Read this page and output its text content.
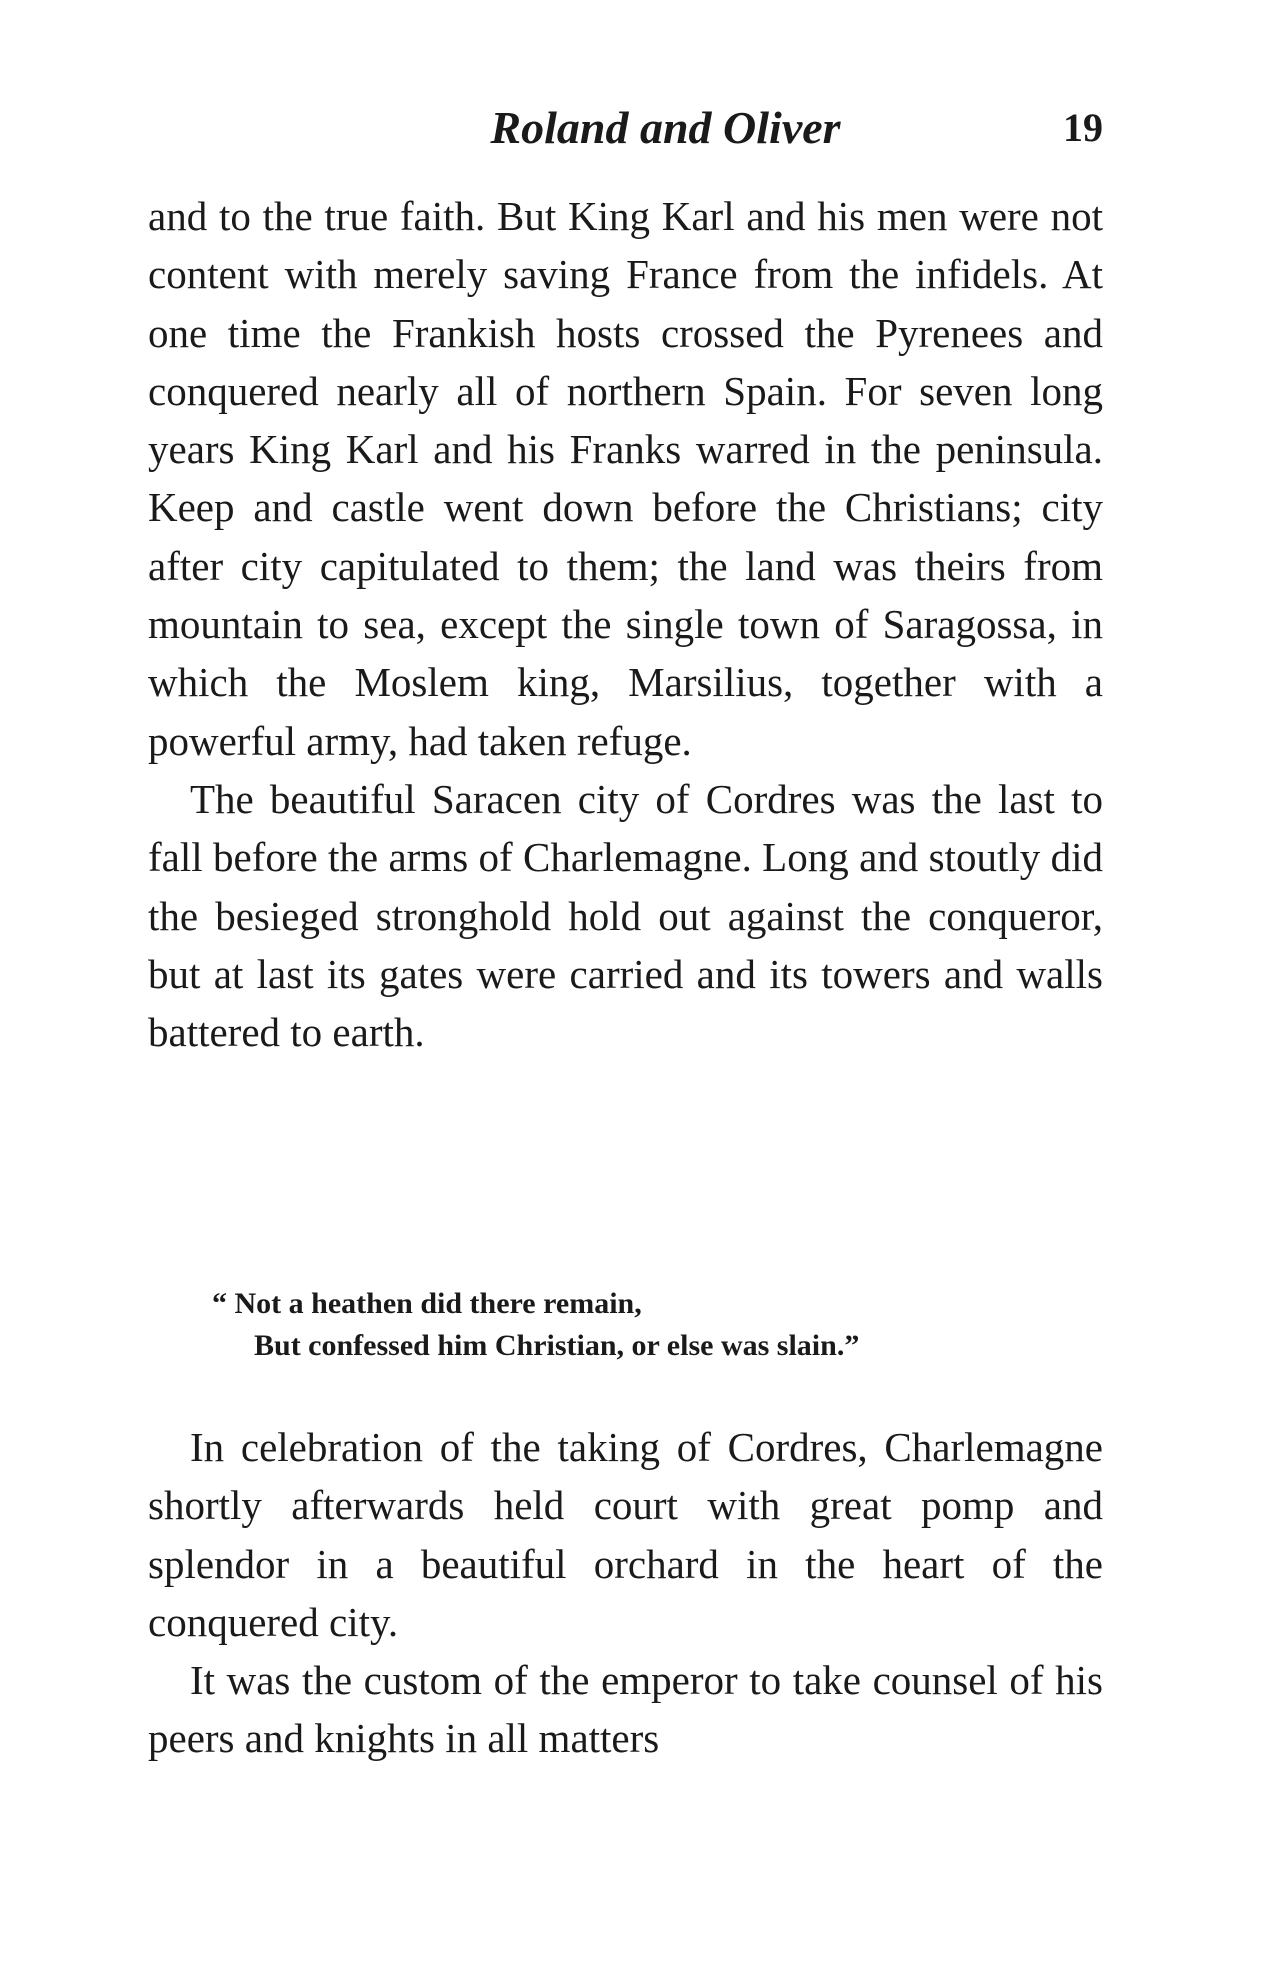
Roland and Oliver	19

and to the true faith. But King Karl and his men were not content with merely saving France from the infidels. At one time the Frankish hosts crossed the Pyrenees and conquered nearly all of northern Spain. For seven long years King Karl and his Franks warred in the peninsula. Keep and castle went down before the Christians; city after city capitulated to them; the land was theirs from mountain to sea, except the single town of Saragossa, in which the Moslem king, Marsilius, together with a powerful army, had taken refuge.

The beautiful Saracen city of Cordres was the last to fall before the arms of Charlemagne. Long and stoutly did the besieged stronghold hold out against the conqueror, but at last its gates were carried and its towers and walls battered to earth.

“ Not a heathen did there remain,
But confessed him Christian, or else was slain.”

In celebration of the taking of Cordres, Charlemagne shortly afterwards held court with great pomp and splendor in a beautiful orchard in the heart of the conquered city.

It was the custom of the emperor to take counsel of his peers and knights in all matters
